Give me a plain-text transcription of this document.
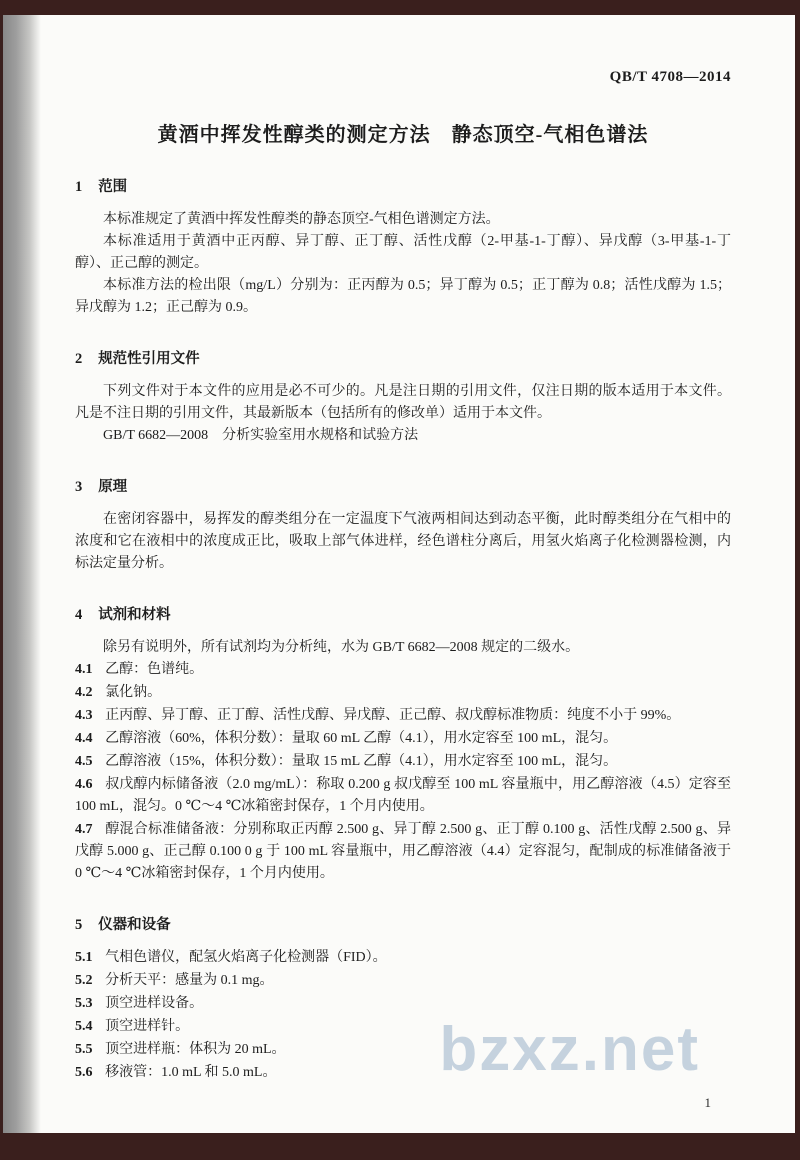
QB/T 4708—2014
黄酒中挥发性醇类的测定方法　静态顶空-气相色谱法
1 范围

本标准规定了黄酒中挥发性醇类的静态顶空-气相色谱测定方法。

本标准适用于黄酒中正丙醇、异丁醇、正丁醇、活性戊醇（2-甲基-1-丁醇）、异戊醇（3-甲基-1-丁醇）、正己醇的测定。

本标准方法的检出限（mg/L）分别为：正丙醇为 0.5；异丁醇为 0.5；正丁醇为 0.8；活性戊醇为 1.5；异戊醇为 1.2；正己醇为 0.9。

2 规范性引用文件

下列文件对于本文件的应用是必不可少的。凡是注日期的引用文件，仅注日期的版本适用于本文件。凡是不注日期的引用文件，其最新版本（包括所有的修改单）适用于本文件。

GB/T 6682—2008　分析实验室用水规格和试验方法

3 原理

在密闭容器中，易挥发的醇类组分在一定温度下气液两相间达到动态平衡，此时醇类组分在气相中的浓度和它在液相中的浓度成正比，吸取上部气体进样，经色谱柱分离后，用氢火焰离子化检测器检测，内标法定量分析。

4 试剂和材料

除另有说明外，所有试剂均为分析纯，水为 GB/T 6682—2008 规定的二级水。

4.1 乙醇：色谱纯。

4.2 氯化钠。

4.3 正丙醇、异丁醇、正丁醇、活性戊醇、异戊醇、正己醇、叔戊醇标准物质：纯度不小于 99%。

4.4 乙醇溶液（60%，体积分数）：量取 60 mL 乙醇（4.1），用水定容至 100 mL，混匀。

4.5 乙醇溶液（15%，体积分数）：量取 15 mL 乙醇（4.1），用水定容至 100 mL，混匀。

4.6 叔戊醇内标储备液（2.0 mg/mL）：称取 0.200 g 叔戊醇至 100 mL 容量瓶中，用乙醇溶液（4.5）定容至 100 mL，混匀。0 ℃～4 ℃冰箱密封保存，1 个月内使用。

4.7 醇混合标准储备液：分别称取正丙醇 2.500 g、异丁醇 2.500 g、正丁醇 0.100 g、活性戊醇 2.500 g、异戊醇 5.000 g、正己醇 0.100 0 g 于 100 mL 容量瓶中，用乙醇溶液（4.4）定容混匀，配制成的标准储备液于 0 ℃～4 ℃冰箱密封保存，1 个月内使用。

5 仪器和设备

5.1 气相色谱仪，配氢火焰离子化检测器（FID）。

5.2 分析天平：感量为 0.1 mg。

5.3 顶空进样设备。

5.4 顶空进样针。

5.5 顶空进样瓶：体积为 20 mL。

5.6 移液管：1.0 mL 和 5.0 mL。	bzxz.net
1
